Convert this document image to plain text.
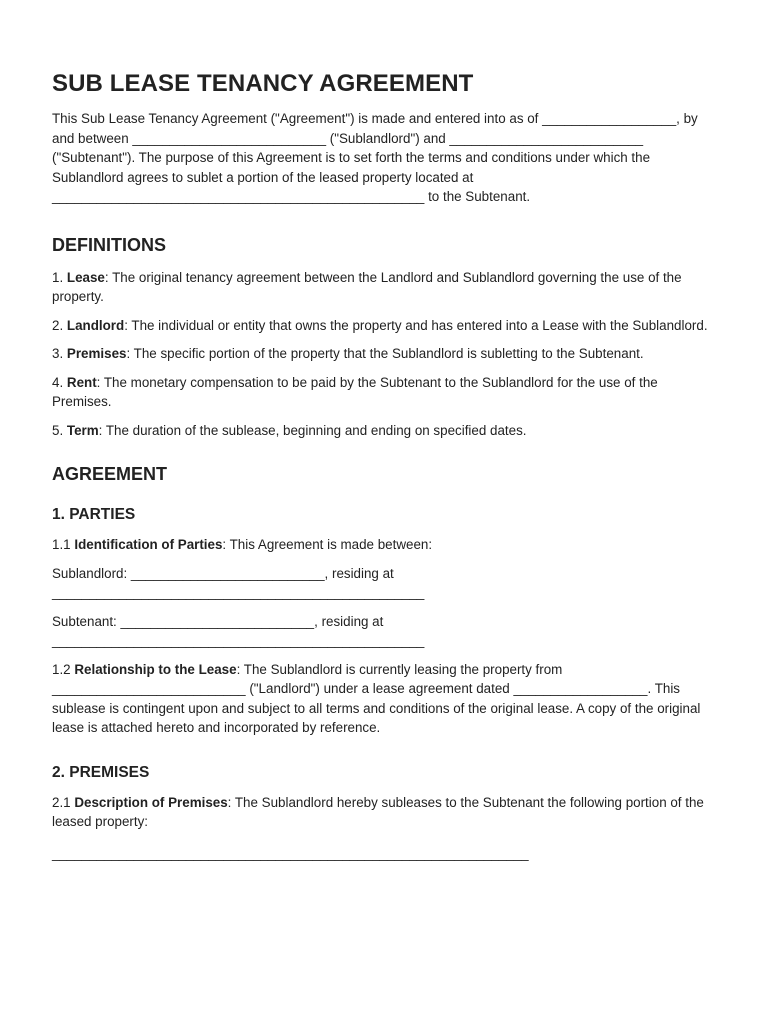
SUB LEASE TENANCY AGREEMENT

This Sub Lease Tenancy Agreement ("Agreement") is made and entered into as of __________________, by and between __________________________ ("Sublandlord") and __________________________ ("Subtenant"). The purpose of this Agreement is to set forth the terms and conditions under which the Sublandlord agrees to sublet a portion of the leased property located at __________________________________________________ to the Subtenant.

DEFINITIONS

1. Lease: The original tenancy agreement between the Landlord and Sublandlord governing the use of the property.

2. Landlord: The individual or entity that owns the property and has entered into a Lease with the Sublandlord.

3. Premises: The specific portion of the property that the Sublandlord is subletting to the Subtenant.

4. Rent: The monetary compensation to be paid by the Subtenant to the Sublandlord for the use of the Premises.

5. Term: The duration of the sublease, beginning and ending on specified dates.

AGREEMENT
1. PARTIES

1.1 Identification of Parties: This Agreement is made between:

Sublandlord: __________________________, residing at
__________________________________________________

Subtenant: __________________________, residing at
__________________________________________________

1.2 Relationship to the Lease: The Sublandlord is currently leasing the property from __________________________ ("Landlord") under a lease agreement dated __________________. This sublease is contingent upon and subject to all terms and conditions of the original lease. A copy of the original lease is attached hereto and incorporated by reference.

2. PREMISES

2.1 Description of Premises: The Sublandlord hereby subleases to the Subtenant the following portion of the leased property:

________________________________________________________________
